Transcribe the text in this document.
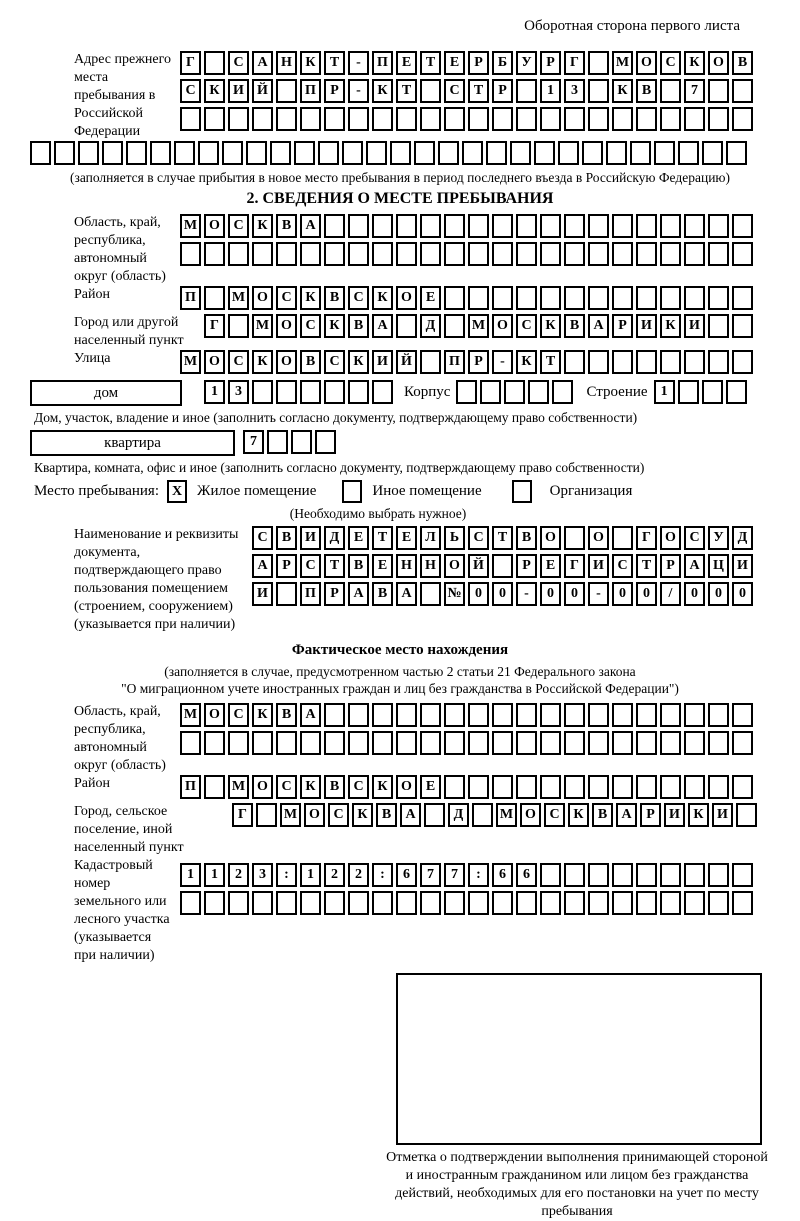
Оборотная сторона первого листа
Адрес прежнего места пребывания в Российской Федерации
Г	С А Н К	Т	-	П Е	Т	Е	Р	Б	У	Р	Г	М О С К О В
С К И Й	П	Р	-	К	Т	С	Т	Р	1	3	К	В	7
(заполняется в случае прибытия в новое место пребывания в период последнего въезда в Российскую Федерацию)
2. СВЕДЕНИЯ О МЕСТЕ ПРЕБЫВАНИЯ
Область, край, республика, автономный округ (область)
М О С К	В	А
Район	П	М О С К	В	С К О Е
Город или другой населенный пункт
Г	М О С К	В	А	Д	М О С К	В	А	Р	И К И
Улица	М О С К О В	С К И Й	П	Р	-	К	Т
дом	1	3	Корпус	Строение 1
Дом, участок, владение и иное (заполнить согласно документу, подтверждающему право собственности)
квартира	7
Квартира, комната, офис и иное (заполнить согласно документу, подтверждающему право собственности)
Место пребывания: X Жилое помещение	Иное помещение	Организация
(Необходимо выбрать нужное)
Наименование и реквизиты документа, подтверждающего право пользования помещением (строением, сооружением) (указывается при наличии)
С	В И Д	Е	Т	Е	Л	Ь	С	Т	В О	О	Г	О С У	Д
А	Р	С	Т	В	Е Н Н О Й	Р	Е	Г	И С	Т	Р	А Ц И
И	П	Р	А	В	А	№ 0	0	-	0	0	-	0	0	/	0	0	0
Фактическое место нахождения
(заполняется в случае, предусмотренном частью 2 статьи 21 Федерального закона
"О миграционном учете иностранных граждан и лиц без гражданства в Российской Федерации")
Область, край, республика, автономный округ (область)
М О С К	В	А
Район	П	М О С К	В	С К О Е
Город, сельское поселение, иной населенный пункт
Г	М О С К	В	А	Д	М О С К	В	А	Р	И К И
Кадастровый номер земельного или лесного участка (указывается при наличии)
1	1	2	3	:	1	2	2	:	6	7	7	:	6	6
Отметка о подтверждении выполнения принимающей стороной и иностранным гражданином или лицом без гражданства действий, необходимых для его постановки на учет по месту пребывания
